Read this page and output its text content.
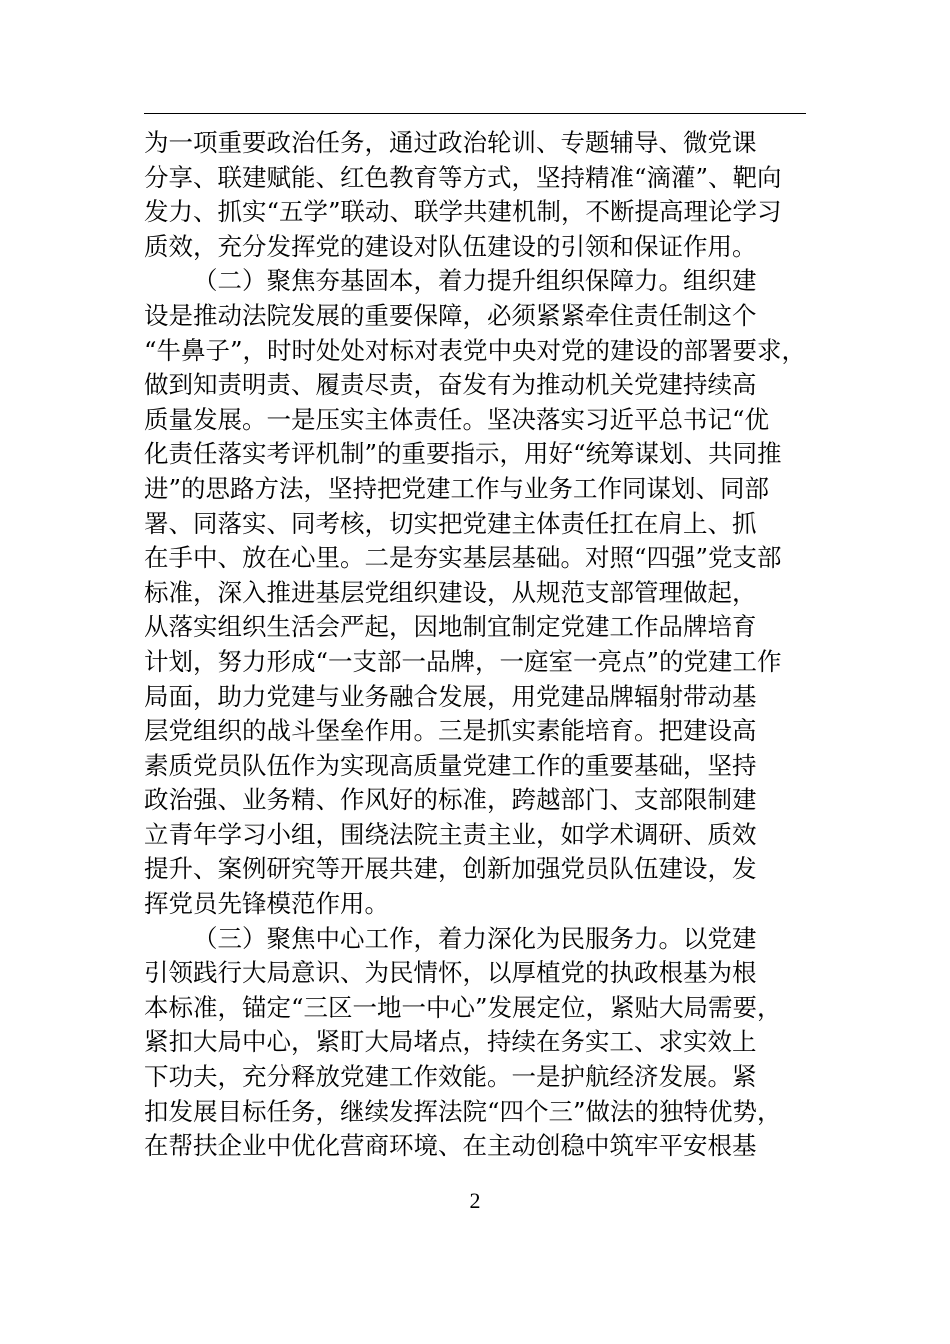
为一项重要政治任务，通过政治轮训、专题辅导、微党课
分享、联建赋能、红色教育等方式，坚持精准“滴灌”、靶向
发力、抓实“五学”联动、联学共建机制，不断提高理论学习
质效，充分发挥党的建设对队伍建设的引领和保证作用。
（二）聚焦夯基固本，着力提升组织保障力。组织建
设是推动法院发展的重要保障，必须紧紧牵住责任制这个
“牛鼻子”，时时处处对标对表党中央对党的建设的部署要求，
做到知责明责、履责尽责，奋发有为推动机关党建持续高
质量发展。一是压实主体责任。坚决落实习近平总书记“优
化责任落实考评机制”的重要指示，用好“统筹谋划、共同推
进”的思路方法，坚持把党建工作与业务工作同谋划、同部
署、同落实、同考核，切实把党建主体责任扛在肩上、抓
在手中、放在心里。二是夯实基层基础。对照“四强”党支部
标准，深入推进基层党组织建设，从规范支部管理做起，
从落实组织生活会严起，因地制宜制定党建工作品牌培育
计划，努力形成“一支部一品牌，一庭室一亮点”的党建工作
局面，助力党建与业务融合发展，用党建品牌辐射带动基
层党组织的战斗堡垒作用。三是抓实素能培育。把建设高
素质党员队伍作为实现高质量党建工作的重要基础，坚持
政治强、业务精、作风好的标准，跨越部门、支部限制建
立青年学习小组，围绕法院主责主业，如学术调研、质效
提升、案例研究等开展共建，创新加强党员队伍建设，发
挥党员先锋模范作用。
（三）聚焦中心工作，着力深化为民服务力。以党建
引领践行大局意识、为民情怀，以厚植党的执政根基为根
本标准，锚定“三区一地一中心”发展定位，紧贴大局需要，
紧扣大局中心，紧盯大局堵点，持续在务实工、求实效上
下功夫，充分释放党建工作效能。一是护航经济发展。紧
扣发展目标任务，继续发挥法院“四个三”做法的独特优势，
在帮扶企业中优化营商环境、在主动创稳中筑牢平安根基
2
